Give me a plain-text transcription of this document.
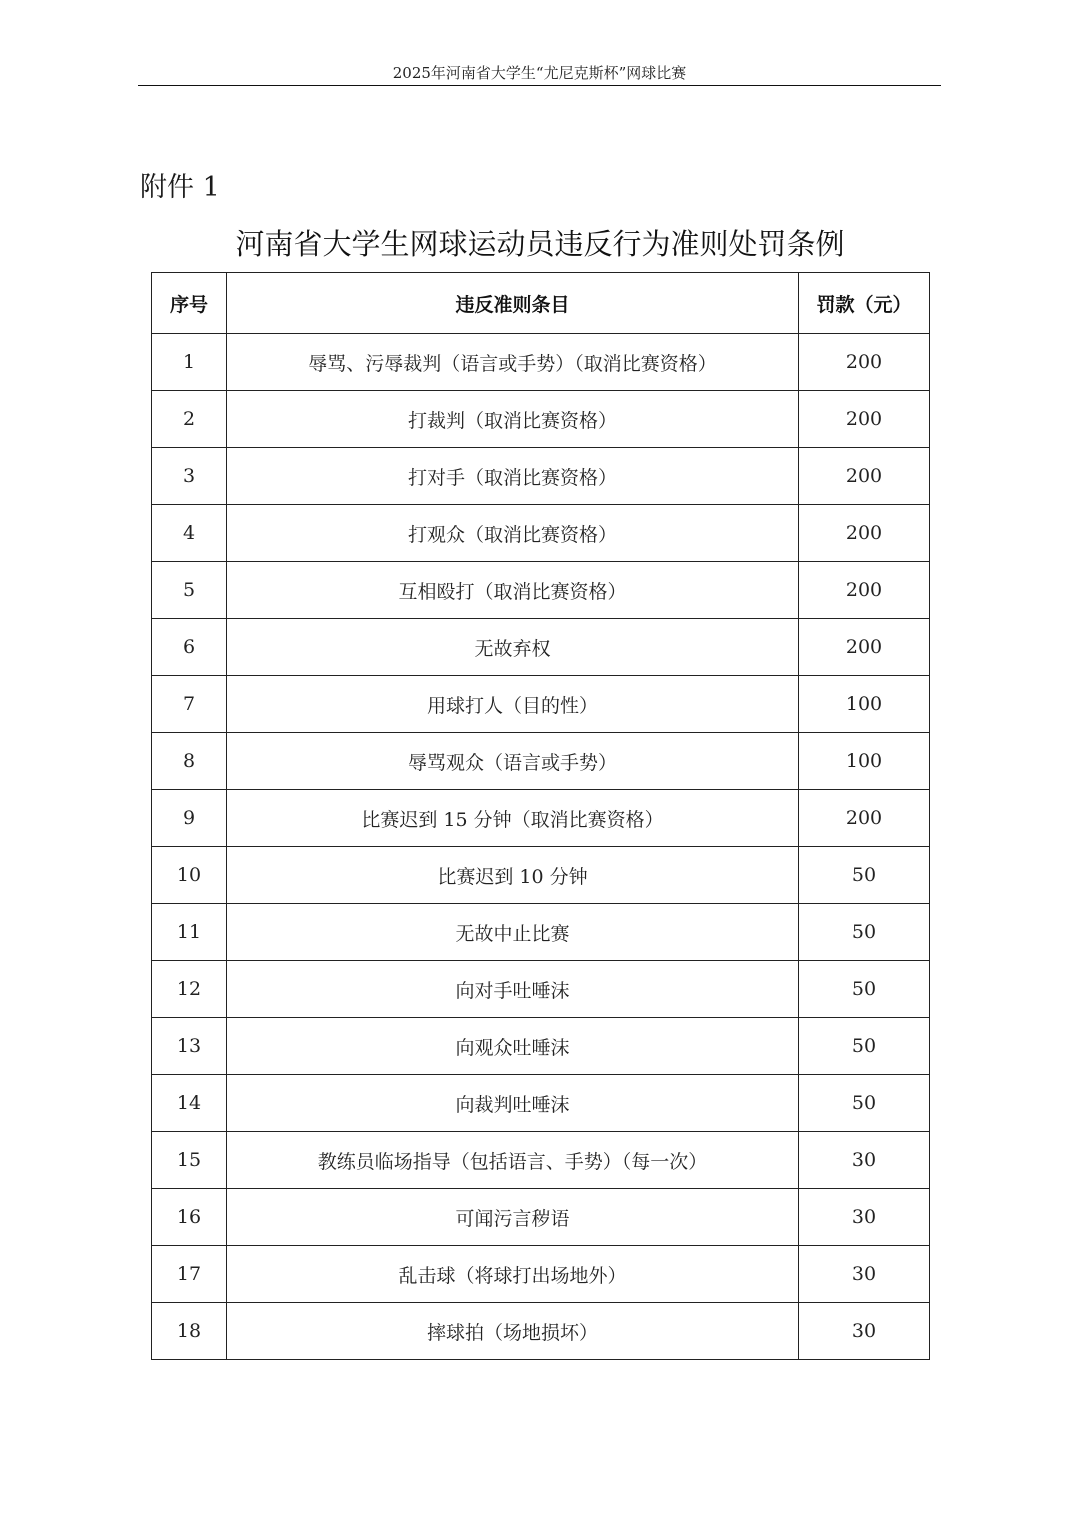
2025年河南省大学生“尤尼克斯杯”网球比赛
附件 1
河南省大学生网球运动员违反行为准则处罚条例
序号	违反准则条目	罚款（元）
1	辱骂、污辱裁判（语言或手势）（取消比赛资格）	200
2	打裁判（取消比赛资格）	200
3	打对手（取消比赛资格）	200
4	打观众（取消比赛资格）	200
5	互相殴打（取消比赛资格）	200
6	无故弃权	200
7	用球打人（目的性）	100
8	辱骂观众（语言或手势）	100
9	比赛迟到 15 分钟（取消比赛资格）	200
10	比赛迟到 10 分钟	50
11	无故中止比赛	50
12	向对手吐唾沫	50
13	向观众吐唾沫	50
14	向裁判吐唾沫	50
15	教练员临场指导（包括语言、手势）（每一次）	30
16	可闻污言秽语	30
17	乱击球（将球打出场地外）	30
18	摔球拍（场地损坏）	30
